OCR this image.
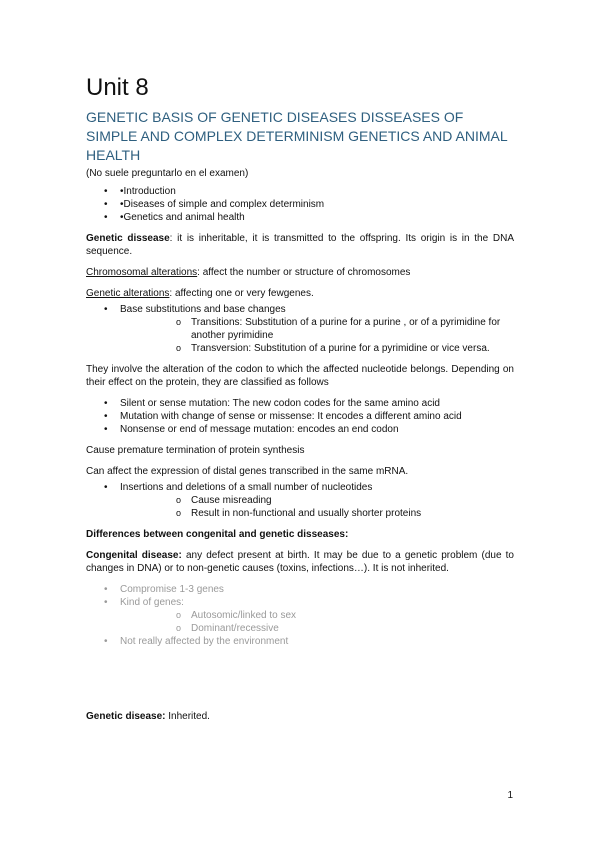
Unit 8
GENETIC BASIS OF GENETIC DISEASES DISSEASES OF SIMPLE AND COMPLEX DETERMINISM GENETICS AND ANIMAL HEALTH
(No suele preguntarlo en el examen)
• •Introduction
• •Diseases of simple and complex determinism
• •Genetics and animal health

Genetic dissease: it is inheritable, it is transmitted to the offspring. Its origin is in the DNA sequence.

Chromosomal alterations: affect the number or structure of chromosomes

Genetic alterations: affecting one or very fewgenes.

• Base substitutions and base changes
o Transitions: Substitution of a purine for a purine , or of a pyrimidine for another pyrimidine
o Transversion: Substitution of a purine for a pyrimidine or vice versa.

They involve the alteration of the codon to which the affected nucleotide belongs. Depending on their effect on the protein, they are classified as follows

• Silent or sense mutation: The new codon codes for the same amino acid
• Mutation with change of sense or missense: It encodes a different amino acid
• Nonsense or end of message mutation: encodes an end codon

Cause premature termination of protein synthesis

Can affect the expression of distal genes transcribed in the same mRNA.

• Insertions and deletions of a small number of nucleotides
o Cause misreading
o Result in non-functional and usually shorter proteins

Differences between congenital and genetic disseases:

Congenital disease: any defect present at birth. It may be due to a genetic problem (due to changes in DNA) or to non-genetic causes (toxins, infections…). It is not inherited.

• Compromise 1-3 genes
• Kind of genes:
o Autosomic/linked to sex
o Dominant/recessive
• Not really affected by the environment

Genetic disease: Inherited.

1
